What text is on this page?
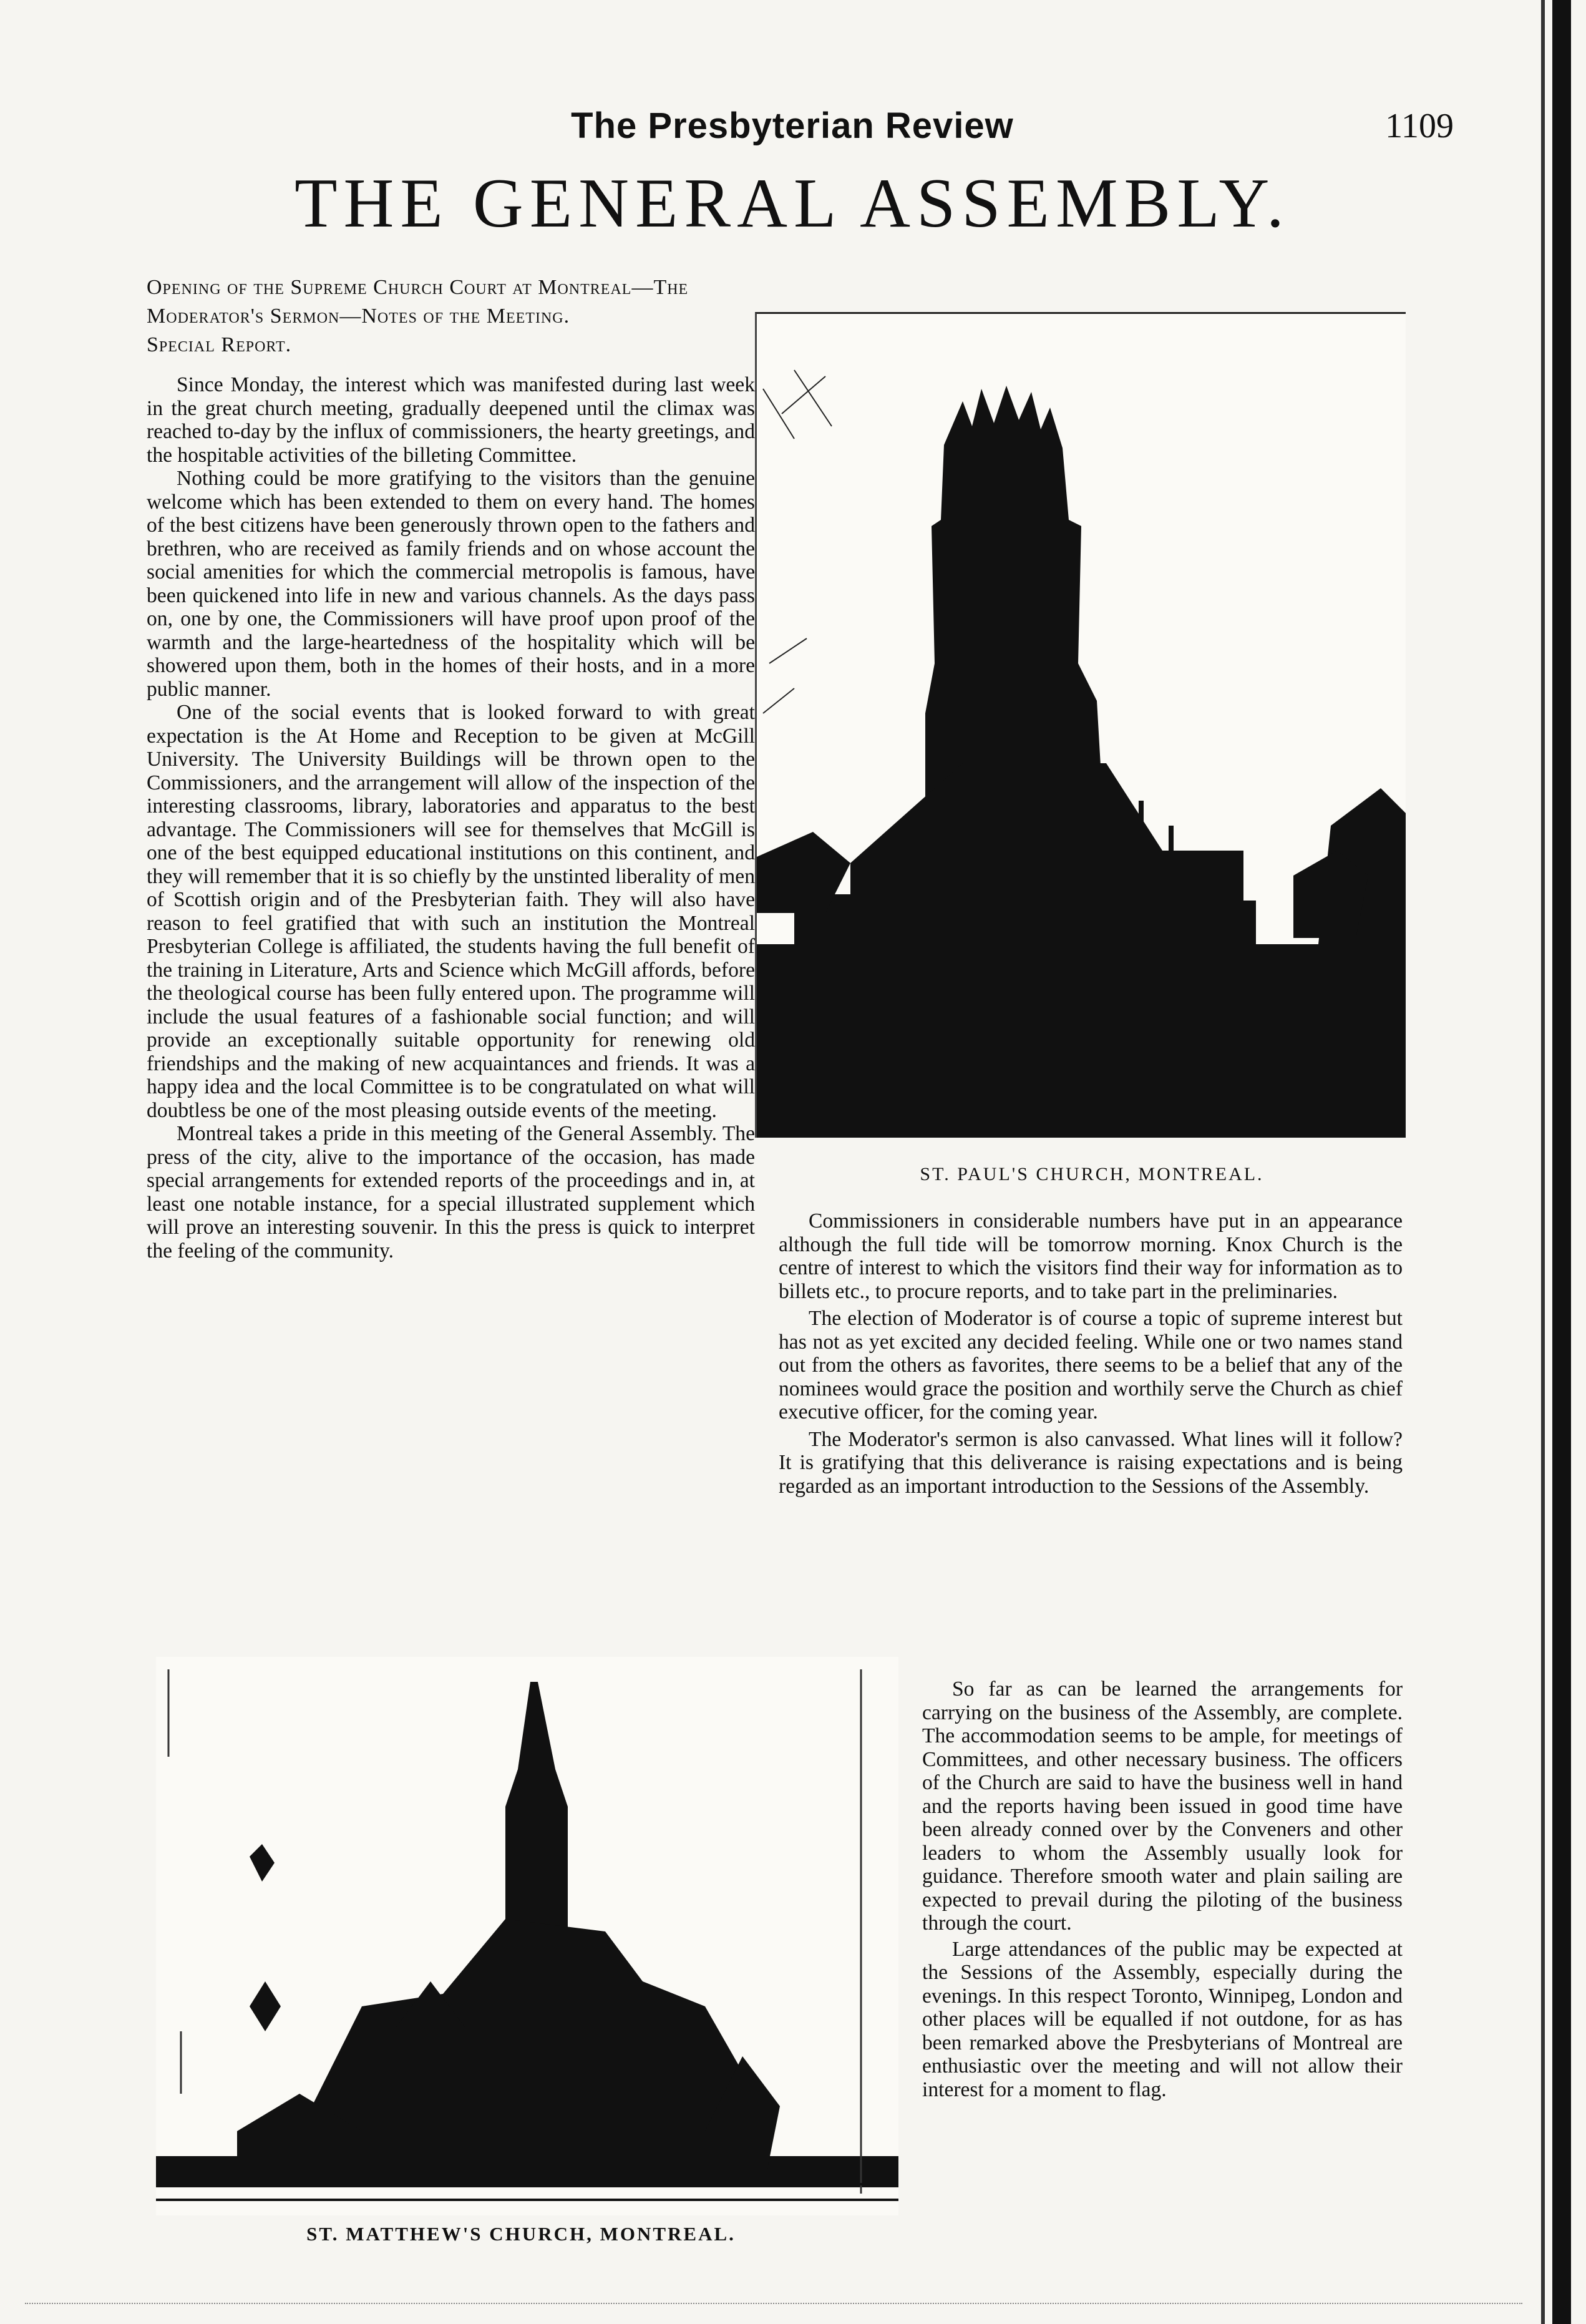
The Presbyterian Review	1109
THE GENERAL ASSEMBLY.
Opening of the Supreme Church Court at Montreal—The Moderator's Sermon—Notes of the Meeting.
Special Report.

Since Monday, the interest which was manifested during last week in the great church meeting, gradually deepened until the climax was reached to-day by the influx of commissioners, the hearty greetings, and the hospitable activities of the billeting Committee.

Nothing could be more gratifying to the visitors than the genuine welcome which has been extended to them on every hand. The homes of the best citizens have been generously thrown open to the fathers and brethren, who are received as family friends and on whose account the social amenities for which the commercial metropolis is famous, have been quickened into life in new and various channels. As the days pass on, one by one, the Commissioners will have proof upon proof of the warmth and the large-heartedness of the hospitality which will be showered upon them, both in the homes of their hosts, and in a more public manner.

One of the social events that is looked forward to with great expectation is the At Home and Reception to be given at McGill University. The University Buildings will be thrown open to the Commissioners, and the arrangement will allow of the inspection of the interesting classrooms, library, laboratories and apparatus to the best advantage. The Commissioners will see for themselves that McGill is one of the best equipped educational institutions on this continent, and they will remember that it is so chiefly by the unstinted liberality of men of Scottish origin and of the Presbyterian faith. They will also have reason to feel gratified that with such an institution the Montreal Presbyterian College is affiliated, the students having the full benefit of the training in Literature, Arts and Science which McGill affords, before the theological course has been fully entered upon. The programme will include the usual features of a fashionable social function; and will provide an exceptionally suitable opportunity for renewing old friendships and the making of new acquaintances and friends. It was a happy idea and the local Committee is to be congratulated on what will doubtless be one of the most pleasing outside events of the meeting.

Montreal takes a pride in this meeting of the General Assembly. The press of the city, alive to the importance of the occasion, has made special arrangements for extended reports of the proceedings and in, at least one notable instance, for a special illustrated supplement which will prove an interesting souvenir. In this the press is quick to interpret the feeling of the community.

ST. PAUL'S CHURCH, MONTREAL.

Commissioners in considerable numbers have put in an appearance although the full tide will be tomorrow morning. Knox Church is the centre of interest to which the visitors find their way for information as to billets etc., to procure reports, and to take part in the preliminaries.

The election of Moderator is of course a topic of supreme interest but has not as yet excited any decided feeling. While one or two names stand out from the others as favorites, there seems to be a belief that any of the nominees would grace the position and worthily serve the Church as chief executive officer, for the coming year.

The Moderator's sermon is also canvassed. What lines will it follow? It is gratifying that this deliverance is raising expectations and is being regarded as an important introduction to the Sessions of the Assembly.

So far as can be learned the arrangements for carrying on the business of the Assembly, are complete. The accommodation seems to be ample, for meetings of Committees, and other necessary business. The officers of the Church are said to have the business well in hand and the reports having been issued in good time have been already conned over by the Conveners and other leaders to whom the Assembly usually look for guidance. Therefore smooth water and plain sailing are expected to prevail during the piloting of the business through the court.

Large attendances of the public may be expected at the Sessions of the Assembly, especially during the evenings. In this respect Toronto, Winnipeg, London and other places will be equalled if not outdone, for as has been remarked above the Presbyterians of Montreal are enthusiastic over the meeting and will not allow their interest for a moment to flag.

ST. MATTHEW'S CHURCH, MONTREAL.
